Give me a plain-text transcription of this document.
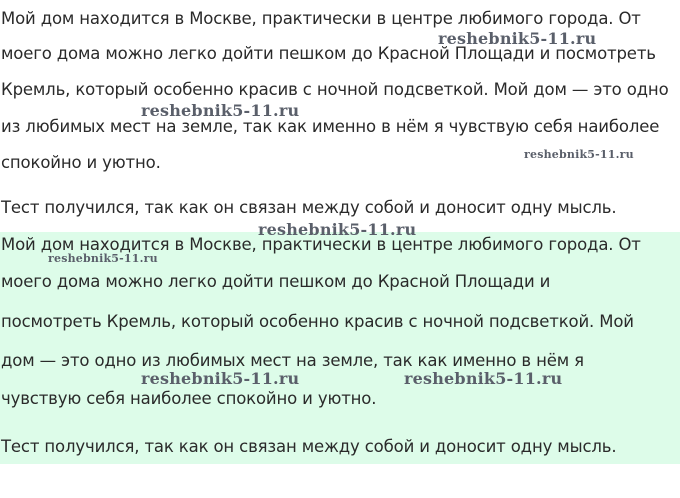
Мой дом находится в Москве, практически в центре любимого города. От
моего дома можно легко дойти пешком до Красной Площади и посмотреть
Кремль, который особенно красив с ночной подсветкой. Мой дом — это одно
из любимых мест на земле, так как именно в нём я чувствую себя наиболее
спокойно и уютно.
Тест получился, так как он связан между собой и доносит одну мысль.
Мой дом находится в Москве, практически в центре любимого города. От
моего дома можно легко дойти пешком до Красной Площади и
посмотреть Кремль, который особенно красив с ночной подсветкой. Мой
дом — это одно из любимых мест на земле, так как именно в нём я
чувствую себя наиболее спокойно и уютно.
Тест получился, так как он связан между собой и доносит одну мысль.
reshebnik5-11.ru
reshebnik5-11.ru
reshebnik5-11.ru
reshebnik5-11.ru
reshebnik5-11.ru
reshebnik5-11.ru	reshebnik5-11.ru
